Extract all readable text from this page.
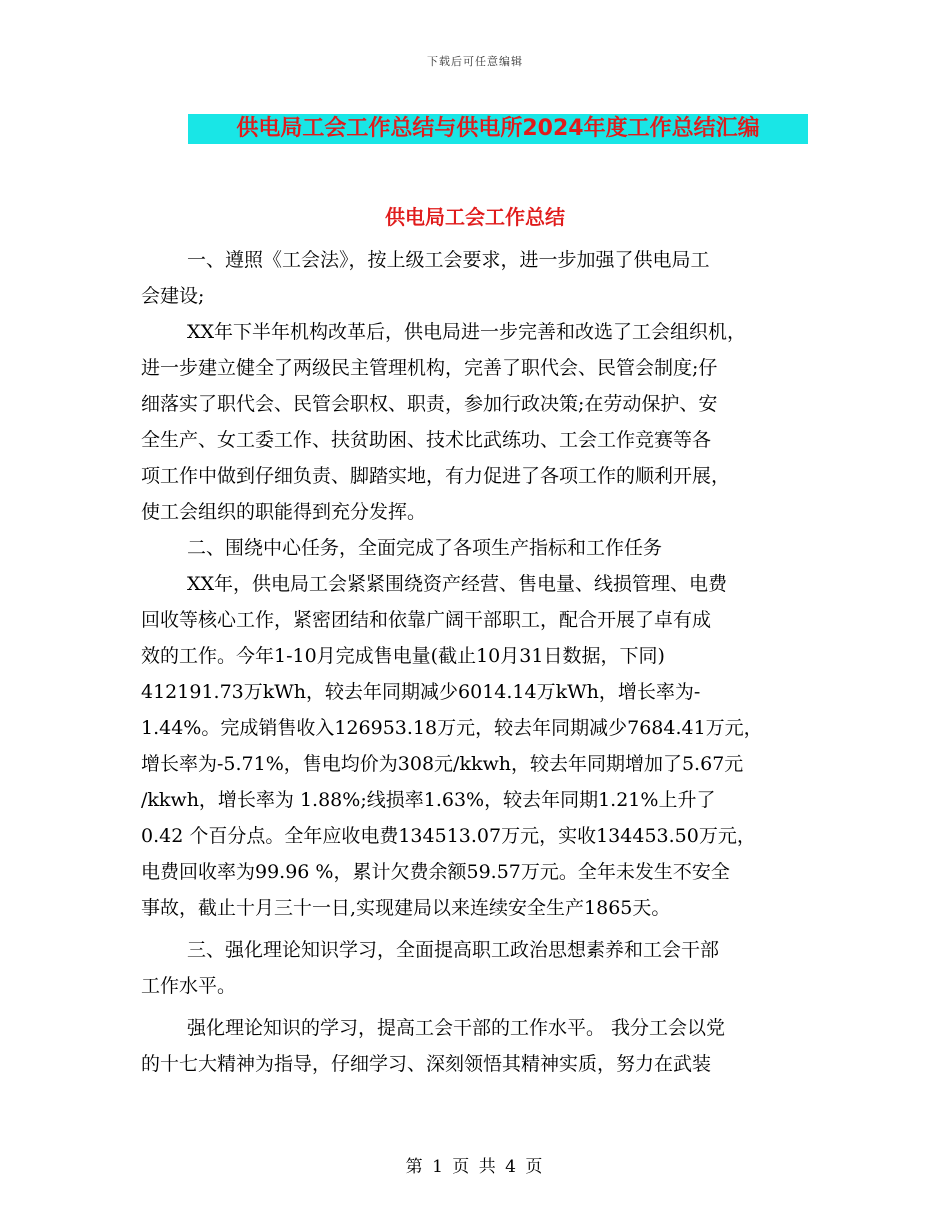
下载后可任意编辑
供电局工会工作总结与供电所2024年度工作总结汇编
供电局工会工作总结
一、遵照《工会法》，按上级工会要求，进一步加强了供电局工
会建设;
XX年下半年机构改革后，供电局进一步完善和改选了工会组织机，
进一步建立健全了两级民主管理机构，完善了职代会、民管会制度;仔
细落实了职代会、民管会职权、职责，参加行政决策;在劳动保护、安
全生产、女工委工作、扶贫助困、技术比武练功、工会工作竞赛等各
项工作中做到仔细负责、脚踏实地，有力促进了各项工作的顺利开展，
使工会组织的职能得到充分发挥。
二、围绕中心任务，全面完成了各项生产指标和工作任务
XX年，供电局工会紧紧围绕资产经营、售电量、线损管理、电费
回收等核心工作，紧密团结和依靠广阔干部职工，配合开展了卓有成
效的工作。今年1-10月完成售电量(截止10月31日数据，下同)
412191.73万kWh，较去年同期减少6014.14万kWh，增长率为-
1.44%。完成销售收入126953.18万元，较去年同期减少7684.41万元，
增长率为-5.71%，售电均价为308元/kkwh，较去年同期增加了5.67元
/kkwh，增长率为 1.88%;线损率1.63%，较去年同期1.21%上升了
0.42 个百分点。全年应收电费134513.07万元，实收134453.50万元，
电费回收率为99.96 %，累计欠费余额59.57万元。全年未发生不安全
事故，截止十月三十一日,实现建局以来连续安全生产1865天。
三、强化理论知识学习，全面提高职工政治思想素养和工会干部
工作水平。
强化理论知识的学习，提高工会干部的工作水平。 我分工会以党
的十七大精神为指导，仔细学习、深刻领悟其精神实质，努力在武装
第 1 页 共 4 页
